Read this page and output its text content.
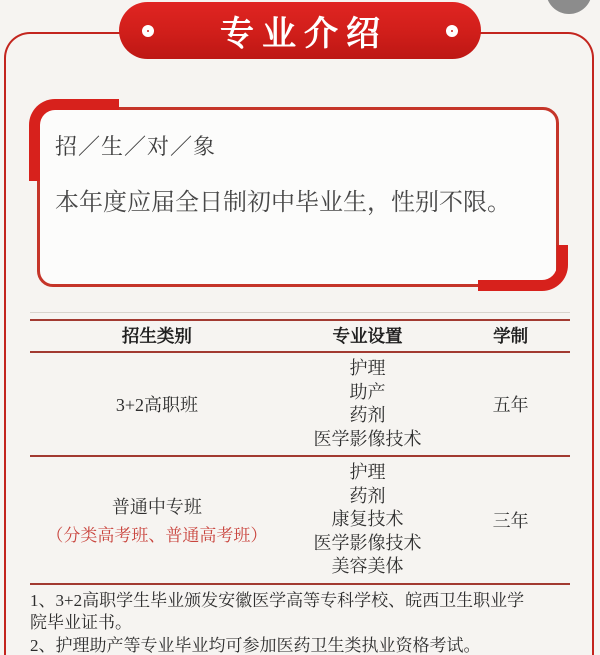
专业介绍
招／生／对／象
本年度应届全日制初中毕业生，性别不限。
招生类别	专业设置	学制
3+2高职班
护理
助产
药剂
医学影像技术
五年
普通中专班
（分类高考班、普通高考班）
护理
药剂
康复技术
医学影像技术
美容美体
三年
1、3+2高职学生毕业颁发安徽医学高等专科学校、皖西卫生职业学
院毕业证书。
2、护理助产等专业毕业均可参加医药卫生类执业资格考试。
